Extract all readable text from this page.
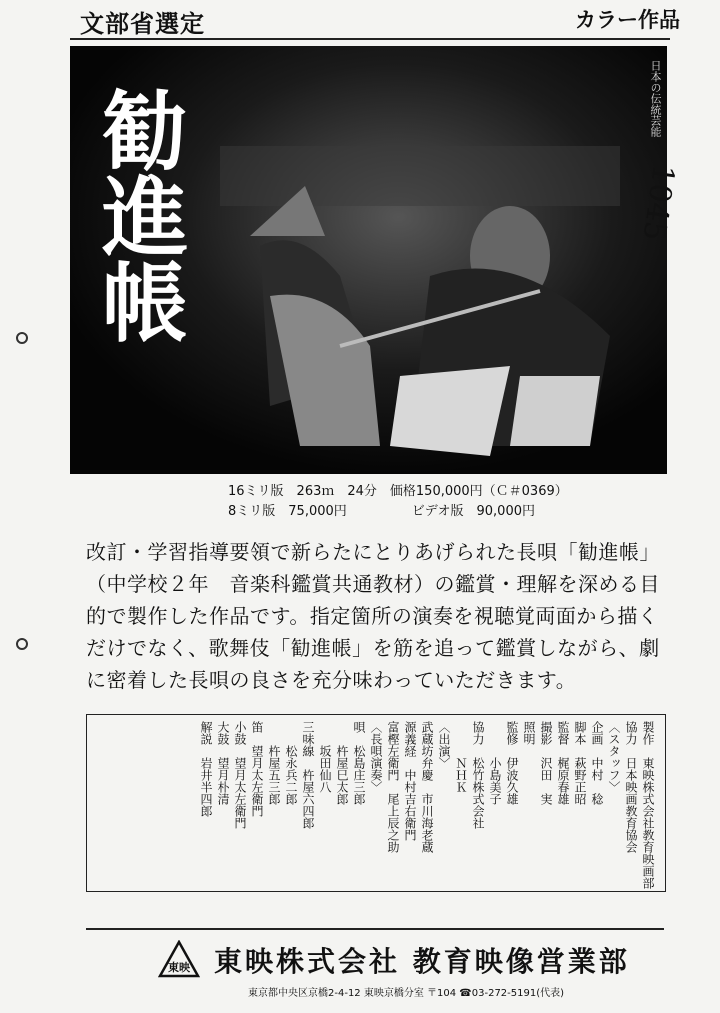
文部省選定	カラー作品
勧進帳	日本の伝統芸能
1045
16ミリ版　263ｍ　24分　価格150,000円（Ｃ＃0369）
8ミリ版　75,000円　　　　　ビデオ版　90,000円
改訂・学習指導要領で新らたにとりあげられた長唄「勧進帳」
（中学校２年　音楽科鑑賞共通教材）の鑑賞・理解を深める目
的で製作した作品です。指定箇所の演奏を視聴覚両面から描く
だけでなく、歌舞伎「勧進帳」を筋を追って鑑賞しながら、劇
に密着した長唄の良さを充分味わっていただきます。
製作　東映株式会社教育映画部
協力　日本映画教育協会
〈スタッフ〉
企画　中村　稔
脚本　萩野正昭
監督　梶原春雄
撮影　沢田　実
照明
監修　伊波久雄
　　　小島美子
協力　松竹株式会社
　　　ＮＨＫ
〈出演〉
武蔵坊弁慶　市川海老蔵
源義経　中村吉右衛門
富樫左衛門　尾上辰之助
〈長唄演奏〉
唄　松島庄三郎
　　杵屋巳太郎
　　坂田仙八
三味線　杵屋六四郎
　　松永兵二郎
　　杵屋五三郎
笛　望月太左衛門
小鼓　望月太左衛門
大鼓　望月朴清
解説　岩井半四郎
東映 東映株式会社 教育映像営業部
東京都中央区京橋2-4-12 東映京橋分室 〒104 ☎03-272-5191(代表)
